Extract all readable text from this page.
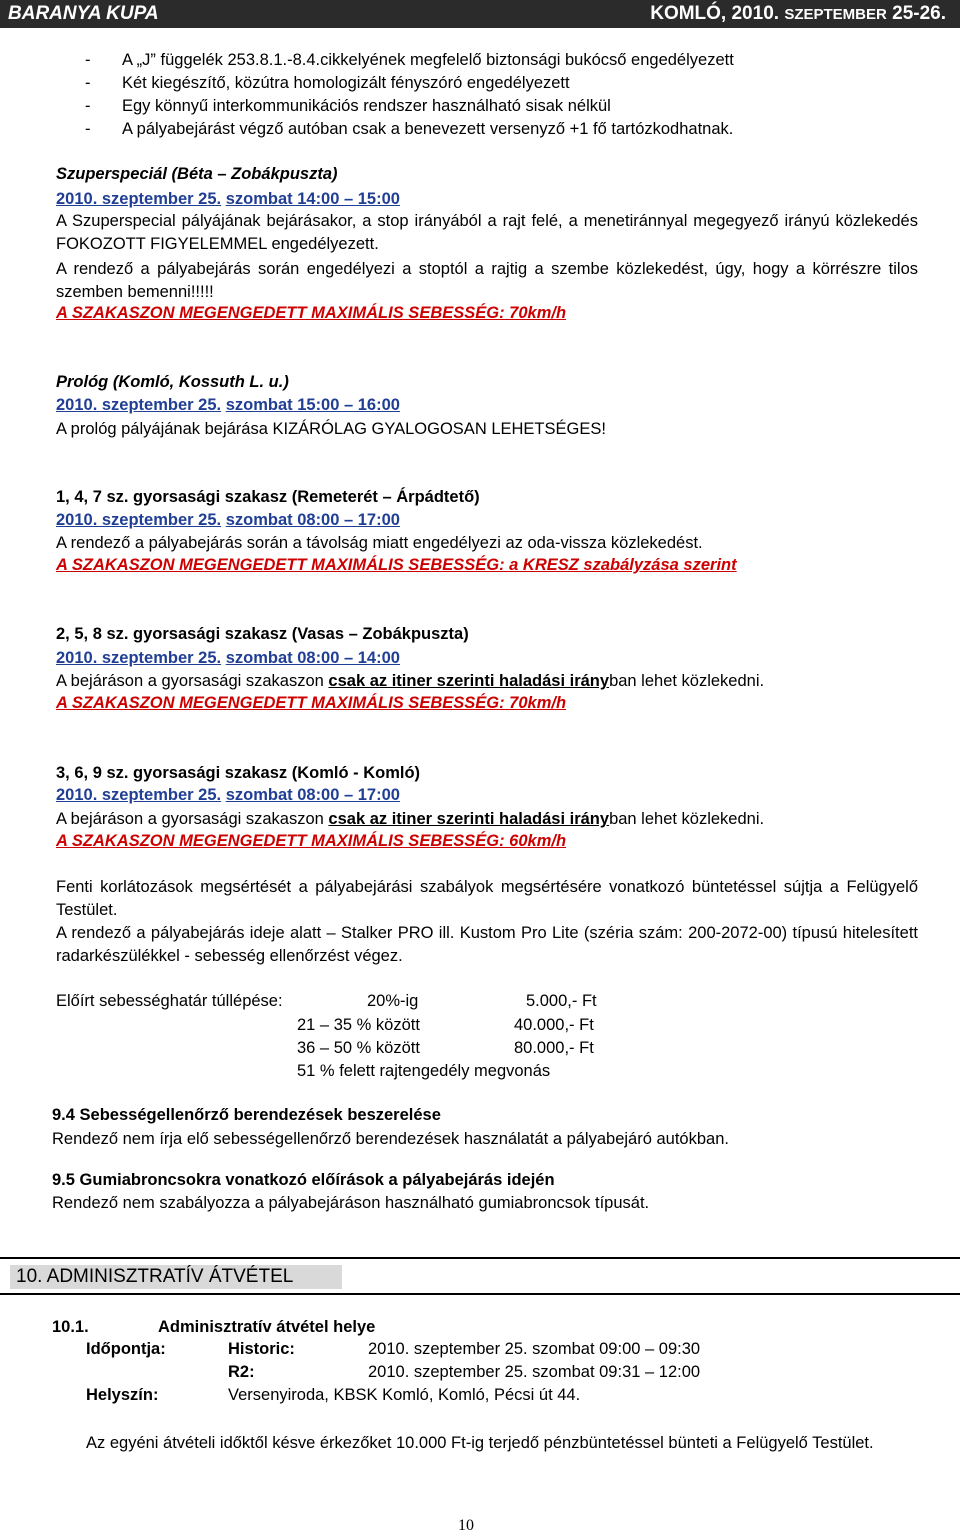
BARANYA KUPA	KOMLÓ, 2010. SZEPTEMBER 25-26.
- A „J” függelék 253.8.1.-8.4.cikkelyének megfelelő biztonsági bukócső engedélyezett
- Két kiegészítő, közútra homologizált fényszóró engedélyezett
- Egy könnyű interkommunikációs rendszer használható sisak nélkül
- A pályabejárást végző autóban csak a benevezett versenyző +1 fő tartózkodhatnak.
Szuperspeciál (Béta – Zobákpuszta)
2010. szeptember 25. szombat 14:00 – 15:00
A Szuperspecial pályájának bejárásakor, a stop irányából a rajt felé, a menetiránnyal megegyező irányú közlekedés FOKOZOTT FIGYELEMMEL engedélyezett.
A rendező a pályabejárás során engedélyezi a stoptól a rajtig a szembe közlekedést, úgy, hogy a körrészre tilos szemben bemenni!!!!!
A SZAKASZON MEGENGEDETT MAXIMÁLIS SEBESSÉG: 70km/h
Prológ (Komló, Kossuth L. u.)
2010. szeptember 25. szombat 15:00 – 16:00
A prológ pályájának bejárása KIZÁRÓLAG GYALOGOSAN LEHETSÉGES!
1, 4, 7 sz. gyorsasági szakasz (Remeterét – Árpádtető)
2010. szeptember 25. szombat 08:00 – 17:00
A rendező a pályabejárás során a távolság miatt engedélyezi az oda-vissza közlekedést.
A SZAKASZON MEGENGEDETT MAXIMÁLIS SEBESSÉG: a KRESZ szabályzása szerint
2, 5, 8 sz. gyorsasági szakasz (Vasas – Zobákpuszta)
2010. szeptember 25. szombat 08:00 – 14:00
A bejáráson a gyorsasági szakaszon csak az itiner szerinti haladási irányban lehet közlekedni.
A SZAKASZON MEGENGEDETT MAXIMÁLIS SEBESSÉG: 70km/h
3, 6, 9 sz. gyorsasági szakasz (Komló - Komló)
2010. szeptember 25. szombat 08:00 – 17:00
A bejáráson a gyorsasági szakaszon csak az itiner szerinti haladási irányban lehet közlekedni.
A SZAKASZON MEGENGEDETT MAXIMÁLIS SEBESSÉG: 60km/h
Fenti korlátozások megsértését a pályabejárási szabályok megsértésére vonatkozó büntetéssel sújtja a Felügyelő Testület.
A rendező a pályabejárás ideje alatt – Stalker PRO ill. Kustom Pro Lite (széria szám: 200-2072-00) típusú hitelesített radarkészülékkel - sebesség ellenőrzést végez.
Előírt sebességhatár túllépése:	20%-ig	5.000,- Ft
21 – 35 % között	40.000,- Ft
36 – 50 % között	80.000,- Ft
51 % felett rajtengedély megvonás
9.4 Sebességellenőrző berendezések beszerelése
Rendező nem írja elő sebességellenőrző berendezések használatát a pályabejáró autókban.
9.5 Gumiabroncsokra vonatkozó előírások a pályabejárás idején
Rendező nem szabályozza a pályabejáráson használható gumiabroncsok típusát.
10. ADMINISZTRATÍV ÁTVÉTEL
10.1.	Adminisztratív átvétel helye
Időpontja:	Historic:	2010. szeptember 25. szombat 09:00 – 09:30
R2:	2010. szeptember 25. szombat 09:31 – 12:00
Helyszín:	Versenyiroda, KBSK Komló, Komló, Pécsi út 44.
Az egyéni átvételi időktől késve érkezőket 10.000 Ft-ig terjedő pénzbüntetéssel bünteti a Felügyelő Testület.
10
